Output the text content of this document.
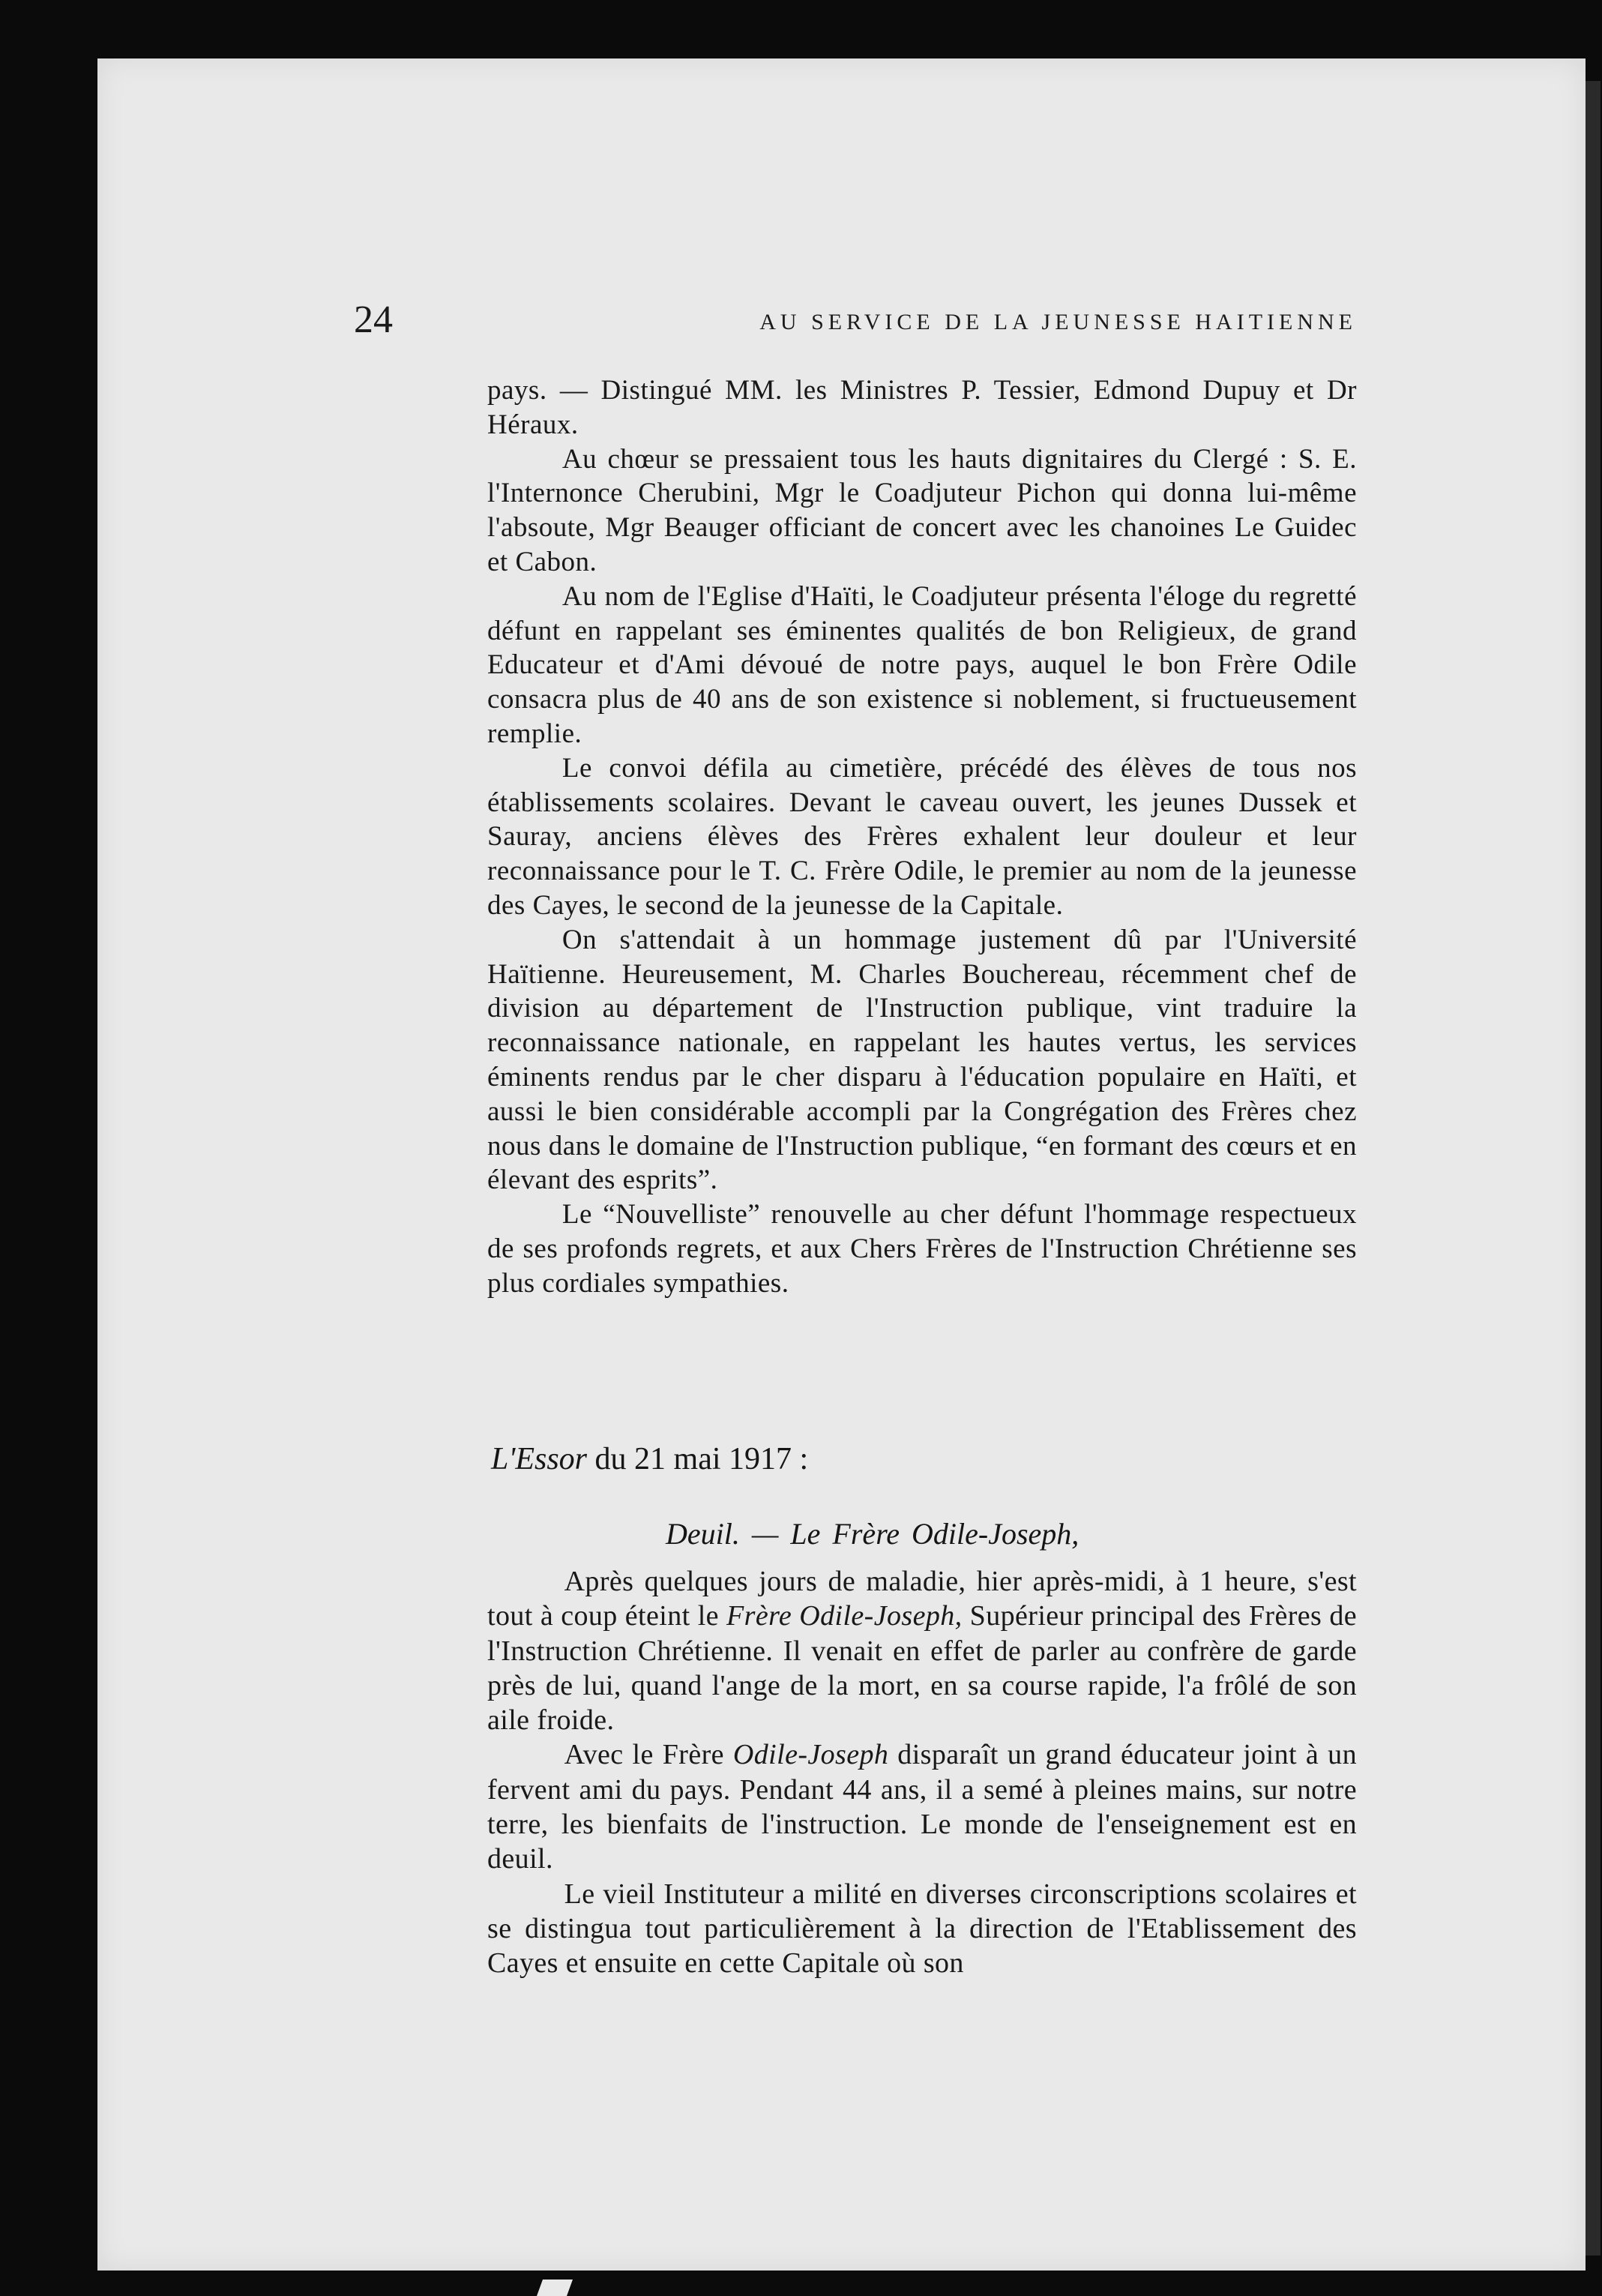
24	AU SERVICE DE LA JEUNESSE HAITIENNE

pays. — Distingué MM. les Ministres P. Tessier, Edmond Dupuy et Dr Héraux.

Au chœur se pressaient tous les hauts dignitaires du Clergé : S. E. l'Internonce Cherubini, Mgr le Coadjuteur Pichon qui donna lui-même l'absoute, Mgr Beauger officiant de concert avec les chanoines Le Guidec et Cabon.

Au nom de l'Eglise d'Haïti, le Coadjuteur présenta l'éloge du regretté défunt en rappelant ses éminentes qualités de bon Religieux, de grand Educateur et d'Ami dévoué de notre pays, auquel le bon Frère Odile consacra plus de 40 ans de son existence si noblement, si fructueusement remplie.

Le convoi défila au cimetière, précédé des élèves de tous nos établissements scolaires. Devant le caveau ouvert, les jeunes Dussek et Sauray, anciens élèves des Frères exhalent leur douleur et leur reconnaissance pour le T. C. Frère Odile, le premier au nom de la jeunesse des Cayes, le second de la jeunesse de la Capitale.

On s'attendait à un hommage justement dû par l'Université Haïtienne. Heureusement, M. Charles Bouchereau, récemment chef de division au département de l'Instruction publique, vint traduire la reconnaissance nationale, en rappelant les hautes vertus, les services éminents rendus par le cher disparu à l'éducation populaire en Haïti, et aussi le bien considérable accompli par la Congrégation des Frères chez nous dans le domaine de l'Instruction publique, “en formant des cœurs et en élevant des esprits”.

Le “Nouvelliste” renouvelle au cher défunt l'hommage respectueux de ses profonds regrets, et aux Chers Frères de l'Instruction Chrétienne ses plus cordiales sympathies.

L'Essor du 21 mai 1917 :
Deuil. — Le Frère Odile-Joseph,

Après quelques jours de maladie, hier après-midi, à 1 heure, s'est tout à coup éteint le Frère Odile-Joseph, Supérieur principal des Frères de l'Instruction Chrétienne. Il venait en effet de parler au confrère de garde près de lui, quand l'ange de la mort, en sa course rapide, l'a frôlé de son aile froide.

Avec le Frère Odile-Joseph disparaît un grand éducateur joint à un fervent ami du pays. Pendant 44 ans, il a semé à pleines mains, sur notre terre, les bienfaits de l'instruction. Le monde de l'enseignement est en deuil.

Le vieil Instituteur a milité en diverses circonscriptions scolaires et se distingua tout particulièrement à la direction de l'Etablissement des Cayes et ensuite en cette Capitale où son
